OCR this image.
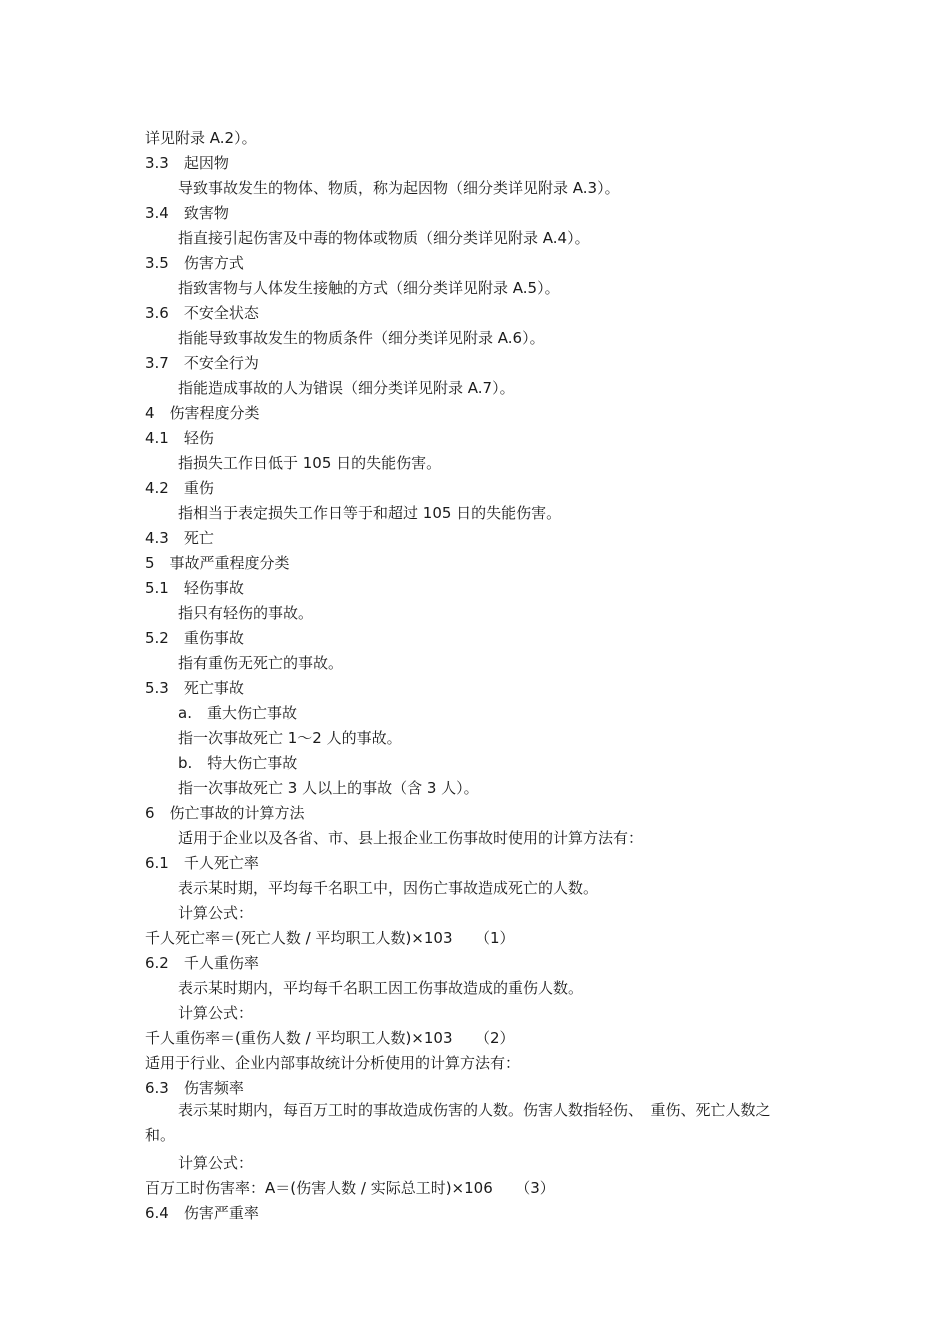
详见附录 A.2）。
3.3　起因物
导致事故发生的物体、物质，称为起因物（细分类详见附录 A.3）。
3.4　致害物
指直接引起伤害及中毒的物体或物质（细分类详见附录 A.4）。
3.5　伤害方式
指致害物与人体发生接触的方式（细分类详见附录 A.5）。
3.6　不安全状态
指能导致事故发生的物质条件（细分类详见附录 A.6）。
3.7　不安全行为
指能造成事故的人为错误（细分类详见附录 A.7）。
4　伤害程度分类
4.1　轻伤
指损失工作日低于 105 日的失能伤害。
4.2　重伤
指相当于表定损失工作日等于和超过 105 日的失能伤害。
4.3　死亡
5　事故严重程度分类
5.1　轻伤事故
指只有轻伤的事故。
5.2　重伤事故
指有重伤无死亡的事故。
5.3　死亡事故
a.　重大伤亡事故
指一次事故死亡 1～2 人的事故。
b.　特大伤亡事故
指一次事故死亡 3 人以上的事故（含 3 人）。
6　伤亡事故的计算方法
适用于企业以及各省、市、县上报企业工伤事故时使用的计算方法有：
6.1　千人死亡率
表示某时期，平均每千名职工中，因伤亡事故造成死亡的人数。
计算公式：
千人死亡率＝(死亡人数 / 平均职工人数)×103　　（1）
6.2　千人重伤率
表示某时期内，平均每千名职工因工伤事故造成的重伤人数。
计算公式：
千人重伤率＝(重伤人数 / 平均职工人数)×103　　（2）
适用于行业、企业内部事故统计分析使用的计算方法有：
6.3　伤害频率
表示某时期内，每百万工时的事故造成伤害的人数。伤害人数指轻伤、　重伤、死亡人数之和。
计算公式：
百万工时伤害率：A＝(伤害人数 / 实际总工时)×106　　（3）
6.4　伤害严重率
